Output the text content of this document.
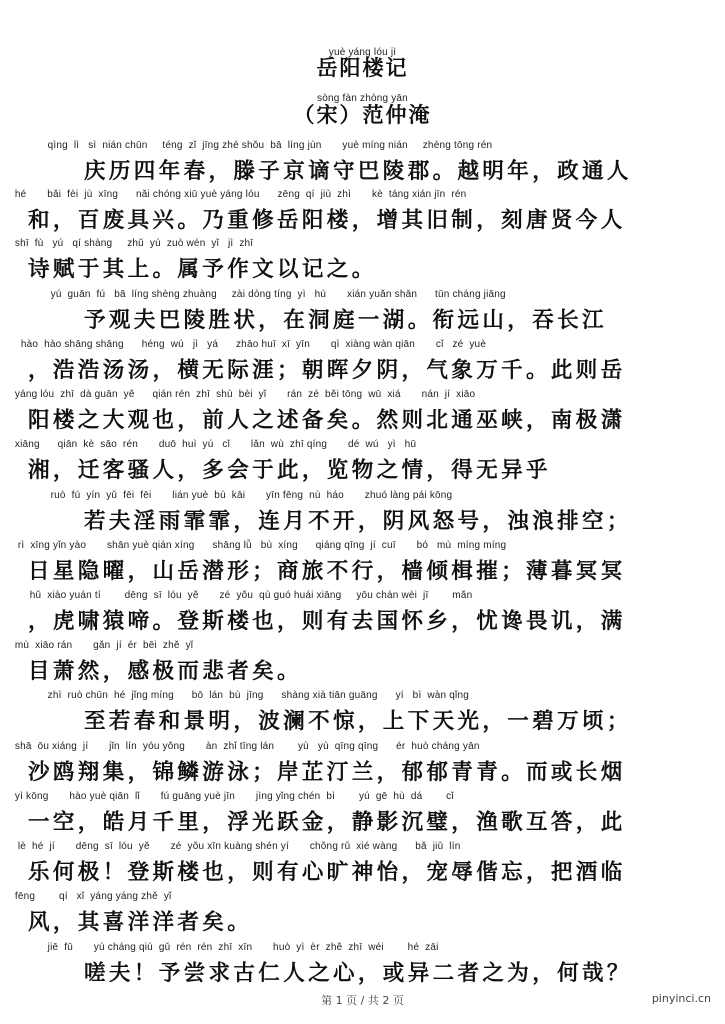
yuè yáng lóu jì
岳阳楼记
sòng fàn zhòng yān
（宋）范仲淹
qìng  lì   sì  nián chūn     téng  zǐ  jīng zhé shǒu  bā  líng jùn       yuè míng nián     zhèng tōng rén
庆历四年春，滕子京谪守巴陵郡。越明年，政通人
hé       bǎi  fèi  jù  xīng      nǎi chóng xiū yuè yáng lóu      zēng  qí  jiù  zhì       kè  táng xián jīn  rén
和，百废具兴。乃重修岳阳楼，增其旧制，刻唐贤今人
shī  fù   yú   qí shàng     zhǔ  yú  zuò wén  yǐ   jì  zhī
诗赋于其上。属予作文以记之。
yú  guān  fú   bā  líng shèng zhuàng     zài dòng tíng  yì   hú       xián yuǎn shān      tūn cháng jiāng
予观夫巴陵胜状，在洞庭一湖。衔远山，吞长江
hào  hào shāng shāng      héng  wú   jì   yá      zhāo huī  xī  yīn       qì  xiàng wàn qiān       cǐ   zé  yuè
，浩浩汤汤，横无际涯；朝晖夕阴，气象万千。此则岳
yáng lóu  zhī  dà guān  yě      qián rén  zhī  shù  bèi  yǐ       rán  zé  běi tōng  wū  xiá       nán  jí  xiāo
阳楼之大观也，前人之述备矣。然则北通巫峡，南极潇
xiāng      qiān  kè  sāo  rén       duō  huì  yú   cǐ       lǎn  wù  zhī qíng       dé  wú   yì   hū
湘，迁客骚人，多会于此，览物之情，得无异乎
ruò  fú  yín  yǔ  fēi  fēi       lián yuè  bù  kāi       yīn fēng  nù  háo       zhuó làng pái kōng
若夫淫雨霏霏，连月不开，阴风怒号，浊浪排空；
rì  xīng yǐn yào       shān yuè qián xíng      shāng lǚ   bù  xíng      qiáng qīng  jí  cuī       bó   mù  míng míng
日星隐曜，山岳潜形；商旅不行，樯倾楫摧；薄暮冥冥
hǔ  xiào yuán tí        dēng  sī  lóu  yě       zé  yǒu  qù guó huái xiāng     yōu chán wèi  jī        mǎn
，虎啸猿啼。登斯楼也，则有去国怀乡，忧谗畏讥，满
mù  xiāo rán       gǎn  jí  ér  bēi  zhě  yǐ
目萧然，感极而悲者矣。
zhì  ruò chūn  hé  jǐng míng      bō  lán  bù  jīng      shàng xià tiān guāng      yí   bì  wàn qǐng
至若春和景明，波澜不惊，上下天光，一碧万顷；
shā  ōu xiáng  jí       jǐn  lín  yóu yǒng       àn  zhǐ tīng lán        yù   yù  qīng qīng      ér  huò cháng yān
沙鸥翔集，锦鳞游泳；岸芷汀兰，郁郁青青。而或长烟
yì kōng       hào yuè qiān  lǐ       fú guāng yuè jīn       jìng yǐng chén  bì        yú  gē  hù  dá        cǐ
一空，皓月千里，浮光跃金，静影沉璧，渔歌互答，此
lè  hé  jí       dēng  sī  lóu  yě       zé  yǒu xīn kuàng shén yí       chǒng rǔ  xié wàng      bǎ  jiǔ  lín
乐何极！登斯楼也，则有心旷神怡，宠辱偕忘，把酒临
fēng        qí   xǐ  yáng yáng zhě  yǐ
风，其喜洋洋者矣。
jiē  fū       yú cháng qiú  gǔ  rén  rén  zhī  xīn       huò  yì  èr  zhě  zhī  wéi        hé  zāi
嗟夫！予尝求古仁人之心，或异二者之为，何哉？
第 1 页 / 共 2 页	pinyinci.cn
